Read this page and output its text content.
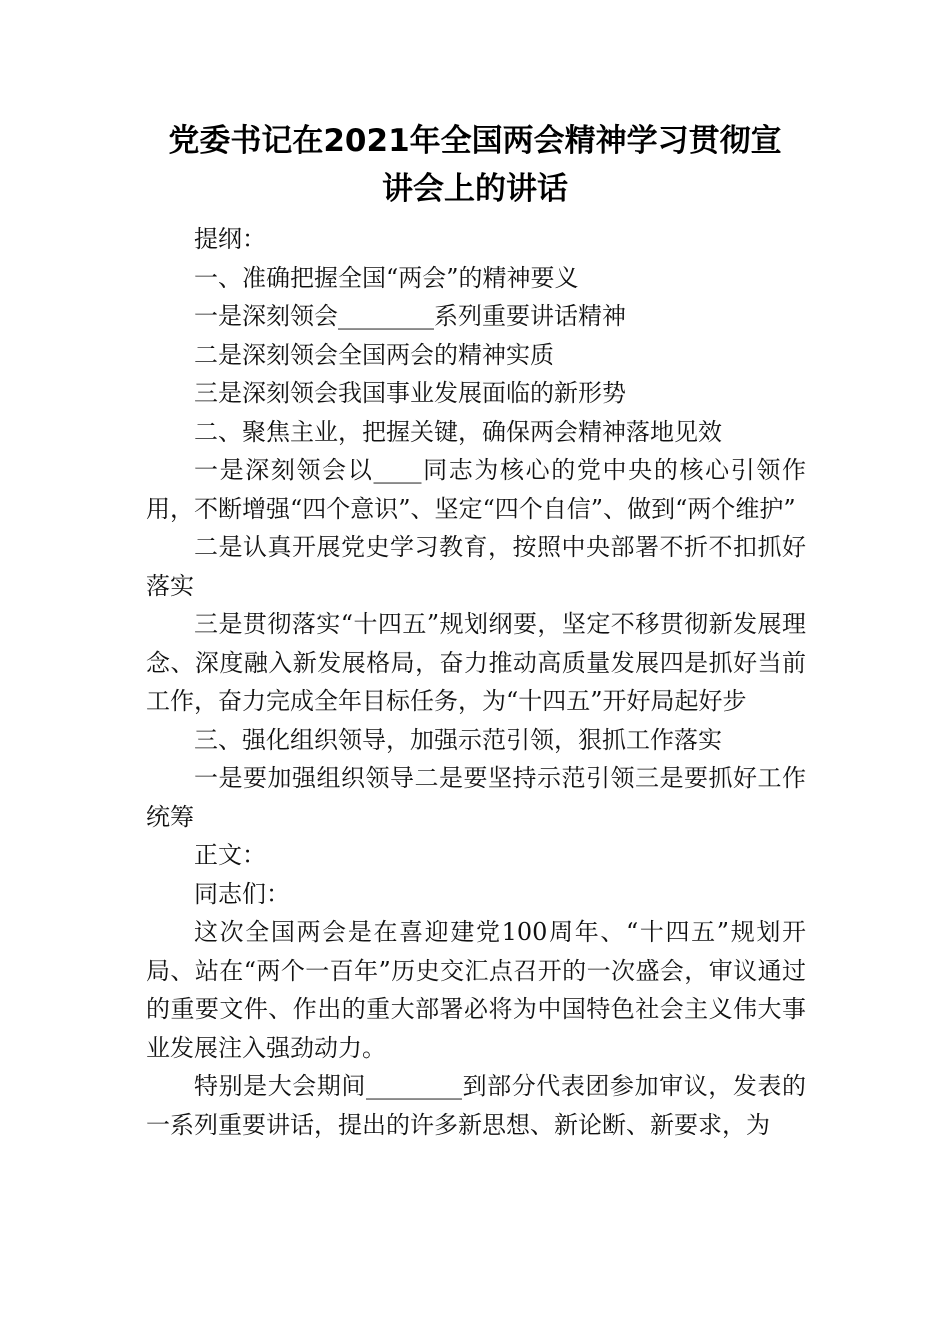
党委书记在2021年全国两会精神学习贯彻宣
讲会上的讲话

提纲：

一、准确把握全国“两会”的精神要义

一是深刻领会________系列重要讲话精神

二是深刻领会全国两会的精神实质

三是深刻领会我国事业发展面临的新形势

二、聚焦主业，把握关键，确保两会精神落地见效

一是深刻领会以____同志为核心的党中央的核心引领作用，不断增强“四个意识”、坚定“四个自信”、做到“两个维护”

二是认真开展党史学习教育，按照中央部署不折不扣抓好落实

三是贯彻落实“十四五”规划纲要，坚定不移贯彻新发展理念、深度融入新发展格局，奋力推动高质量发展四是抓好当前工作，奋力完成全年目标任务，为“十四五”开好局起好步

三、强化组织领导，加强示范引领，狠抓工作落实

一是要加强组织领导二是要坚持示范引领三是要抓好工作统筹

正文：

同志们：

这次全国两会是在喜迎建党100周年、“十四五”规划开局、站在“两个一百年”历史交汇点召开的一次盛会，审议通过的重要文件、作出的重大部署必将为中国特色社会主义伟大事业发展注入强劲动力。

特别是大会期间________到部分代表团参加审议，发表的一系列重要讲话，提出的许多新思想、新论断、新要求，为
